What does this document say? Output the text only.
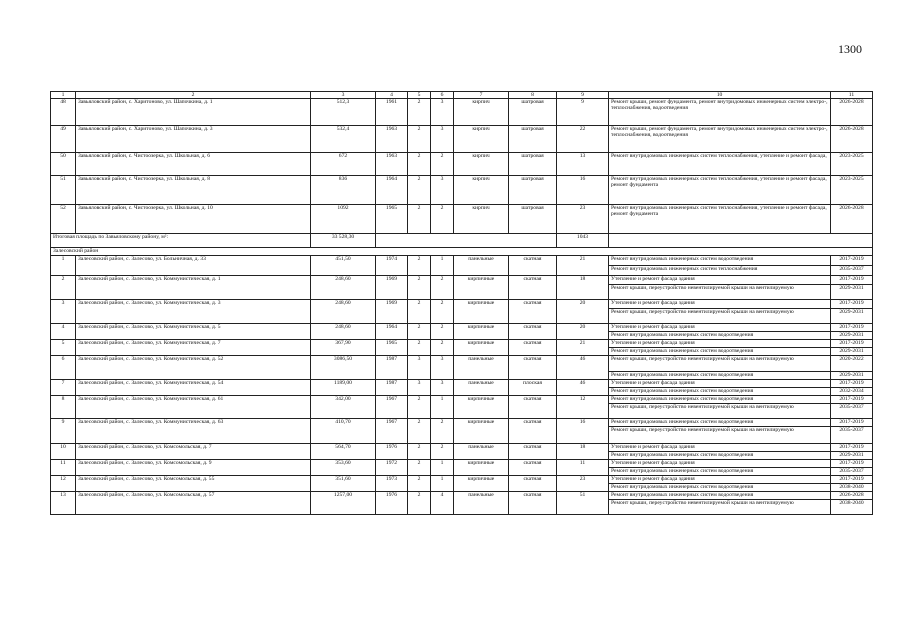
1300
1	2	3	4	5	6	7	8	9	10	11
48	Завьяловский район, с. Харитоново, ул. Шапочкина, д. 1	512,3	1961	2	3	кирпич	шатровая	9	Ремонт крыши, ремонт фундамента, ремонт внутридомовых инженерных систем электро-, теплоснабжения, водоотведения	2026-2028
49	Завьяловский район, с. Харитоново, ул. Шапочкина, д. 3	532,4	1963	2	3	кирпич	шатровая	22	Ремонт крыши, ремонт фундамента, ремонт внутридомовых инженерных систем электро-, теплоснабжения, водоотведения	2026-2028
50	Завьяловский район, с. Чистоозерка, ул. Школьная, д. 6	672	1963	2	2	кирпич	шатровая	13	Ремонт внутридомовых инженерных систем теплоснабжения, утепление и ремонт фасада,	2023-2025
51	Завьяловский район, с. Чистоозерка, ул. Школьная, д. 8	836	1964	2	3	кирпич	шатровая	16	Ремонт внутридомовых инженерных систем теплоснабжения, утепление и ремонт фасада, ремонт фундамента	2023-2025
52	Завьяловский район, с. Чистоозерка, ул. Школьная, д. 10	1092	1965	2	2	кирпич	шатровая	23	Ремонт внутридомовых инженерных систем теплоснабжения, утепление и ремонт фасада, ремонт фундамента	2026-2028
Итоговая площадь по Завьяловскому району, м²:		33 528,30						1043		
Залесовский район										
1	Залесовский район, с. Залесово, ул. Больничная, д. 33	451,50	1974	2	1	панельные	скатная	21	Ремонт внутридомовых инженерных систем водоотведения	2017-2019
									Ремонт внутридомовых инженерных систем теплоснабжения	2035-2037
2	Залесовский район, с. Залесово, ул. Коммунистическая, д. 1	248,60	1969	2	2	кирпичные	скатная	18	Утепление и ремонт фасада здания	2017-2019
									Ремонт крыши, переустройство невентилируемой крыши на вентилируемую	2029-2031
3	Залесовский район, с. Залесово, ул. Коммунистическая, д. 3	248,60	1969	2	2	кирпичные	скатная	20	Утепление и ремонт фасада здания	2017-2019
									Ремонт крыши, переустройство невентилируемой крыши на вентилируемую	2029-2031
4	Залесовский район, с. Залесово, ул. Коммунистическая, д. 5	248,60	1964	2	2	кирпичные	скатная	20	Утепление и ремонт фасада здания	2017-2019
									Ремонт внутридомовых инженерных систем водоотведения	2029-2031
5	Залесовский район, с. Залесово, ул. Коммунистическая, д. 7	367,90	1965	2	2	кирпичные	скатная	21	Утепление и ремонт фасада здания	2017-2019
									Ремонт внутридомовых инженерных систем водоотведения	2029-2031
6	Залесовский район, с. Залесово, ул. Коммунистическая, д. 52	3086,50	1987	3	3	панельные	скатная	46	Ремонт крыши, переустройство невентилируемой крыши на вентилируемую	2020-2022
									Ремонт внутридомовых инженерных систем водоотведения	2029-2031
7	Залесовский район, с. Залесово, ул. Коммунистическая, д. 54	1189,00	1987	3	3	панельные	плоская	46	Утепление и ремонт фасада здания	2017-2019
									Ремонт внутридомовых инженерных систем водоотведения	2032-2034
8	Залесовский район, с. Залесово, ул. Коммунистическая, д. 61	342,00	1967	2	1	кирпичные	скатная	12	Ремонт внутридомовых инженерных систем водоотведения	2017-2019
									Ремонт крыши, переустройство невентилируемой крыши на вентилируемую	2035-2037
9	Залесовский район, с. Залесово, ул. Коммунистическая, д. 63	410,70	1967	2	2	кирпичные	скатная	16	Ремонт внутридомовых инженерных систем водоотведения	2017-2019
									Ремонт крыши, переустройство невентилируемой крыши на вентилируемую	2035-2037
10	Залесовский район, с. Залесово, ул. Комсомольская, д. 7	564,70	1976	2	2	панельные	скатная	18	Утепление и ремонт фасада здания	2017-2019
									Ремонт внутридомовых инженерных систем водоотведения	2029-2031
11	Залесовский район, с. Залесово, ул. Комсомольская, д. 9	353,60	1972	2	1	кирпичные	скатная	11	Утепление и ремонт фасада здания	2017-2019
									Ремонт внутридомовых инженерных систем водоотведения	2035-2037
12	Залесовский район, с. Залесово, ул. Комсомольская, д. 55	351,60	1973	2	1	кирпичные	скатная	23	Утепление и ремонт фасада здания	2017-2019
									Ремонт внутридомовых инженерных систем водоотведения	2038-2040
13	Залесовский район, с. Залесово, ул. Комсомольская, д. 57	1257,00	1976	2	4	панельные	скатная	51	Ремонт внутридомовых инженерных систем водоотведения	2026-2028
									Ремонт крыши, переустройство невентилируемой крыши на вентилируемую	2038-2040
